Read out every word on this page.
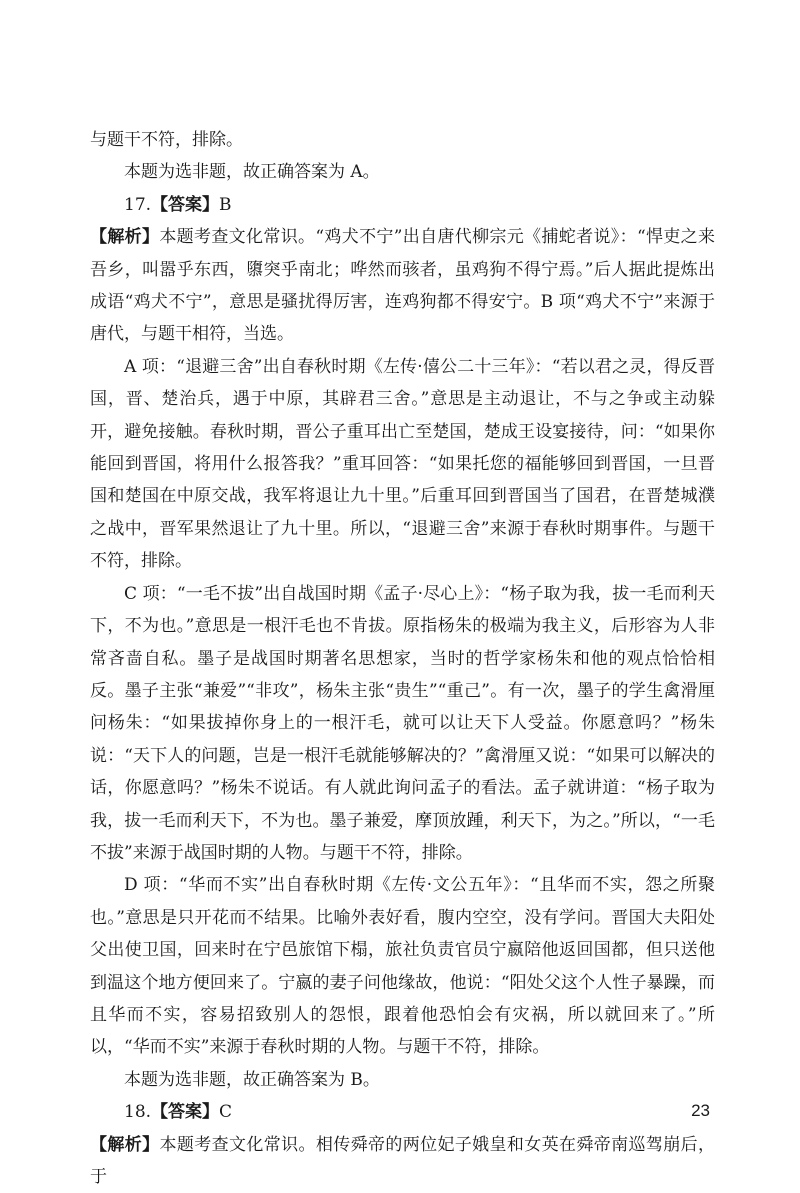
与题干不符，排除。

本题为选非题，故正确答案为 A。

17.【答案】B

【解析】本题考查文化常识。“鸡犬不宁”出自唐代柳宗元《捕蛇者说》：“悍吏之来吾乡，叫嚣乎东西，隳突乎南北；哗然而骇者，虽鸡狗不得宁焉。”后人据此提炼出成语“鸡犬不宁”，意思是骚扰得厉害，连鸡狗都不得安宁。B 项“鸡犬不宁”来源于唐代，与题干相符，当选。

A 项：“退避三舍”出自春秋时期《左传·僖公二十三年》：“若以君之灵，得反晋国，晋、楚治兵，遇于中原，其辟君三舍。”意思是主动退让，不与之争或主动躲开，避免接触。春秋时期，晋公子重耳出亡至楚国，楚成王设宴接待，问：“如果你能回到晋国，将用什么报答我？”重耳回答：“如果托您的福能够回到晋国，一旦晋国和楚国在中原交战，我军将退让九十里。”后重耳回到晋国当了国君，在晋楚城濮之战中，晋军果然退让了九十里。所以，“退避三舍”来源于春秋时期事件。与题干不符，排除。

C 项：“一毛不拔”出自战国时期《孟子·尽心上》：“杨子取为我，拔一毛而利天下，不为也。”意思是一根汗毛也不肯拔。原指杨朱的极端为我主义，后形容为人非常吝啬自私。墨子是战国时期著名思想家，当时的哲学家杨朱和他的观点恰恰相反。墨子主张“兼爱”“非攻”，杨朱主张“贵生”“重己”。有一次，墨子的学生禽滑厘问杨朱：“如果拔掉你身上的一根汗毛，就可以让天下人受益。你愿意吗？”杨朱说：“天下人的问题，岂是一根汗毛就能够解决的？”禽滑厘又说：“如果可以解决的话，你愿意吗？”杨朱不说话。有人就此询问孟子的看法。孟子就讲道：“杨子取为我，拔一毛而利天下，不为也。墨子兼爱，摩顶放踵，利天下，为之。”所以，“一毛不拔”来源于战国时期的人物。与题干不符，排除。

D 项：“华而不实”出自春秋时期《左传·文公五年》：“且华而不实，怨之所聚也。”意思是只开花而不结果。比喻外表好看，腹内空空，没有学问。晋国大夫阳处父出使卫国，回来时在宁邑旅馆下榻，旅社负责官员宁嬴陪他返回国都，但只送他到温这个地方便回来了。宁嬴的妻子问他缘故，他说：“阳处父这个人性子暴躁，而且华而不实，容易招致别人的怨恨，跟着他恐怕会有灾祸，所以就回来了。”所以，“华而不实”来源于春秋时期的人物。与题干不符，排除。

本题为选非题，故正确答案为 B。

18.【答案】C

【解析】本题考查文化常识。相传舜帝的两位妃子娥皇和女英在舜帝南巡驾崩后，于

23
